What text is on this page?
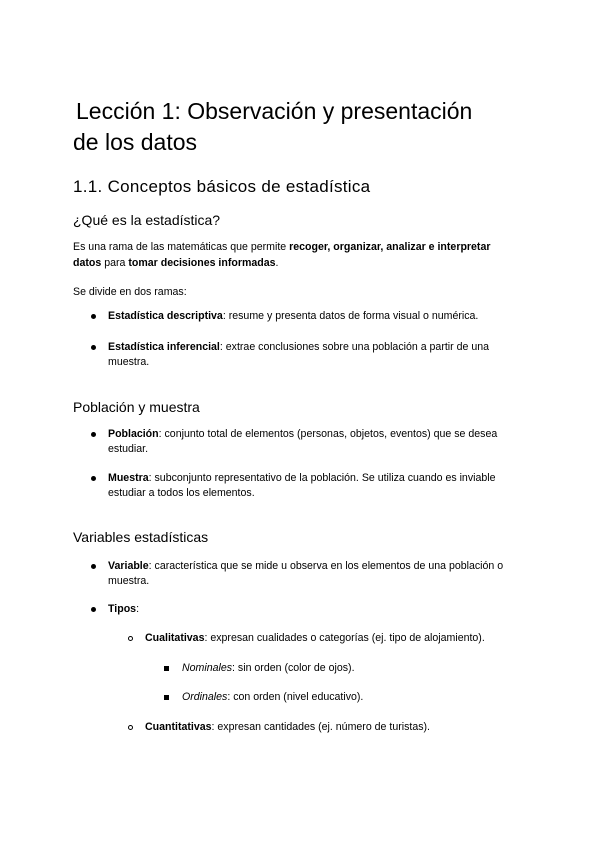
Lección 1: Observación y presentación
de los datos
1.1. Conceptos básicos de estadística
¿Qué es la estadística?
Es una rama de las matemáticas que permite recoger, organizar, analizar e interpretar
datos para tomar decisiones informadas.
Se divide en dos ramas:
Estadística descriptiva: resume y presenta datos de forma visual o numérica.
Estadística inferencial: extrae conclusiones sobre una población a partir de una
muestra.
Población y muestra
Población: conjunto total de elementos (personas, objetos, eventos) que se desea
estudiar.
Muestra: subconjunto representativo de la población. Se utiliza cuando es inviable
estudiar a todos los elementos.
Variables estadísticas
Variable: característica que se mide u observa en los elementos de una población o
muestra.
Tipos:
Cualitativas: expresan cualidades o categorías (ej. tipo de alojamiento).
Nominales: sin orden (color de ojos).
Ordinales: con orden (nivel educativo).
Cuantitativas: expresan cantidades (ej. número de turistas).
